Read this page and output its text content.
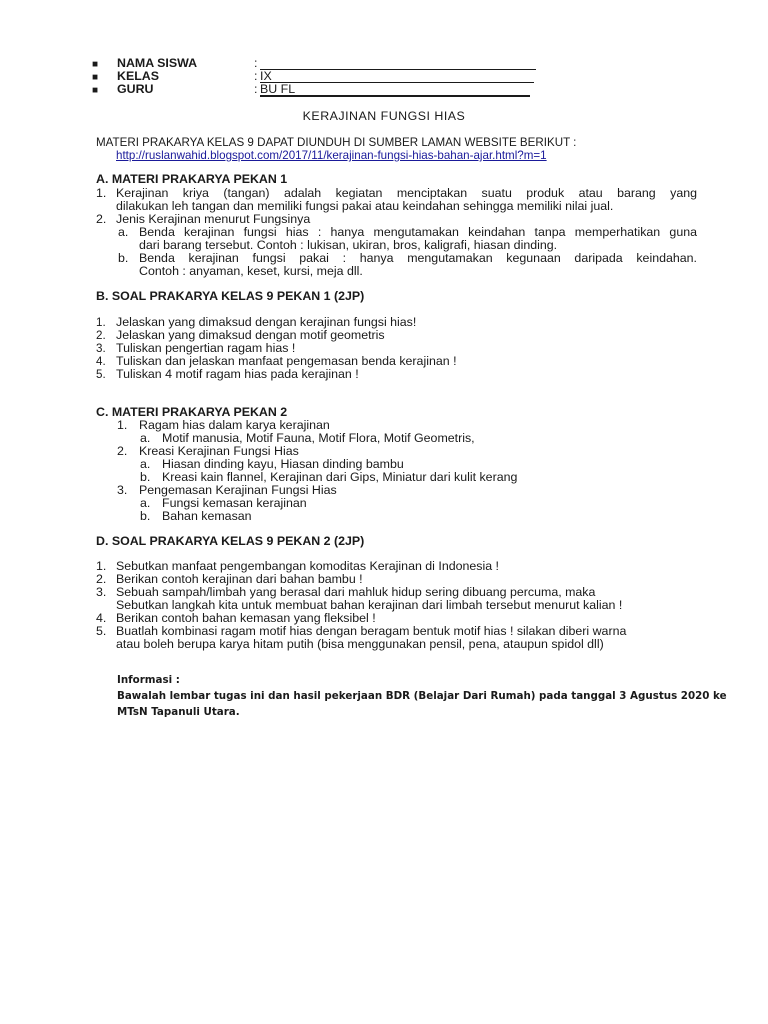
■ NAMA SISWA	:
■ KELAS	: IX
■ GURU	: BU FL
KERAJINAN FUNGSI HIAS
MATERI PRAKARYA KELAS 9 DAPAT DIUNDUH DI SUMBER LAMAN WEBSITE BERIKUT :
http://ruslanwahid.blogspot.com/2017/11/kerajinan-fungsi-hias-bahan-ajar.html?m=1
A. MATERI PRAKARYA PEKAN 1
1. Kerajinan kriya (tangan) adalah kegiatan menciptakan suatu produk atau barang yang
dilakukan leh tangan dan memiliki fungsi pakai atau keindahan sehingga memiliki nilai jual.
2. Jenis Kerajinan menurut Fungsinya
a. Benda kerajinan fungsi hias : hanya mengutamakan keindahan tanpa memperhatikan guna
dari barang tersebut. Contoh : lukisan, ukiran, bros, kaligrafi, hiasan dinding.
b. Benda kerajinan fungsi pakai : hanya mengutamakan kegunaan daripada keindahan.
Contoh : anyaman, keset, kursi, meja dll.
B. SOAL PRAKARYA KELAS 9 PEKAN 1 (2JP)
1. Jelaskan yang dimaksud dengan kerajinan fungsi hias!
2. Jelaskan yang dimaksud dengan motif geometris
3. Tuliskan pengertian ragam hias !
4. Tuliskan dan jelaskan manfaat pengemasan benda kerajinan !
5. Tuliskan 4 motif ragam hias pada kerajinan !
C. MATERI PRAKARYA PEKAN 2
1. Ragam hias dalam karya kerajinan
a. Motif manusia, Motif Fauna, Motif Flora, Motif Geometris,
2. Kreasi Kerajinan Fungsi Hias
a. Hiasan dinding kayu, Hiasan dinding bambu
b. Kreasi kain flannel, Kerajinan dari Gips, Miniatur dari kulit kerang
3. Pengemasan Kerajinan Fungsi Hias
a. Fungsi kemasan kerajinan
b. Bahan kemasan
D. SOAL PRAKARYA KELAS 9 PEKAN 2 (2JP)
1. Sebutkan manfaat pengembangan komoditas Kerajinan di Indonesia !
2. Berikan contoh kerajinan dari bahan bambu !
3. Sebuah sampah/limbah yang berasal dari mahluk hidup sering dibuang percuma, maka
Sebutkan langkah kita untuk membuat bahan kerajinan dari limbah tersebut menurut kalian !
4. Berikan contoh bahan kemasan yang fleksibel !
5. Buatlah kombinasi ragam motif hias dengan beragam bentuk motif hias ! silakan diberi warna
atau boleh berupa karya hitam putih (bisa menggunakan pensil, pena, ataupun spidol dll)
Informasi :
Bawalah lembar tugas ini dan hasil pekerjaan BDR (Belajar Dari Rumah) pada tanggal 3 Agustus 2020 ke
MTsN Tapanuli Utara.
